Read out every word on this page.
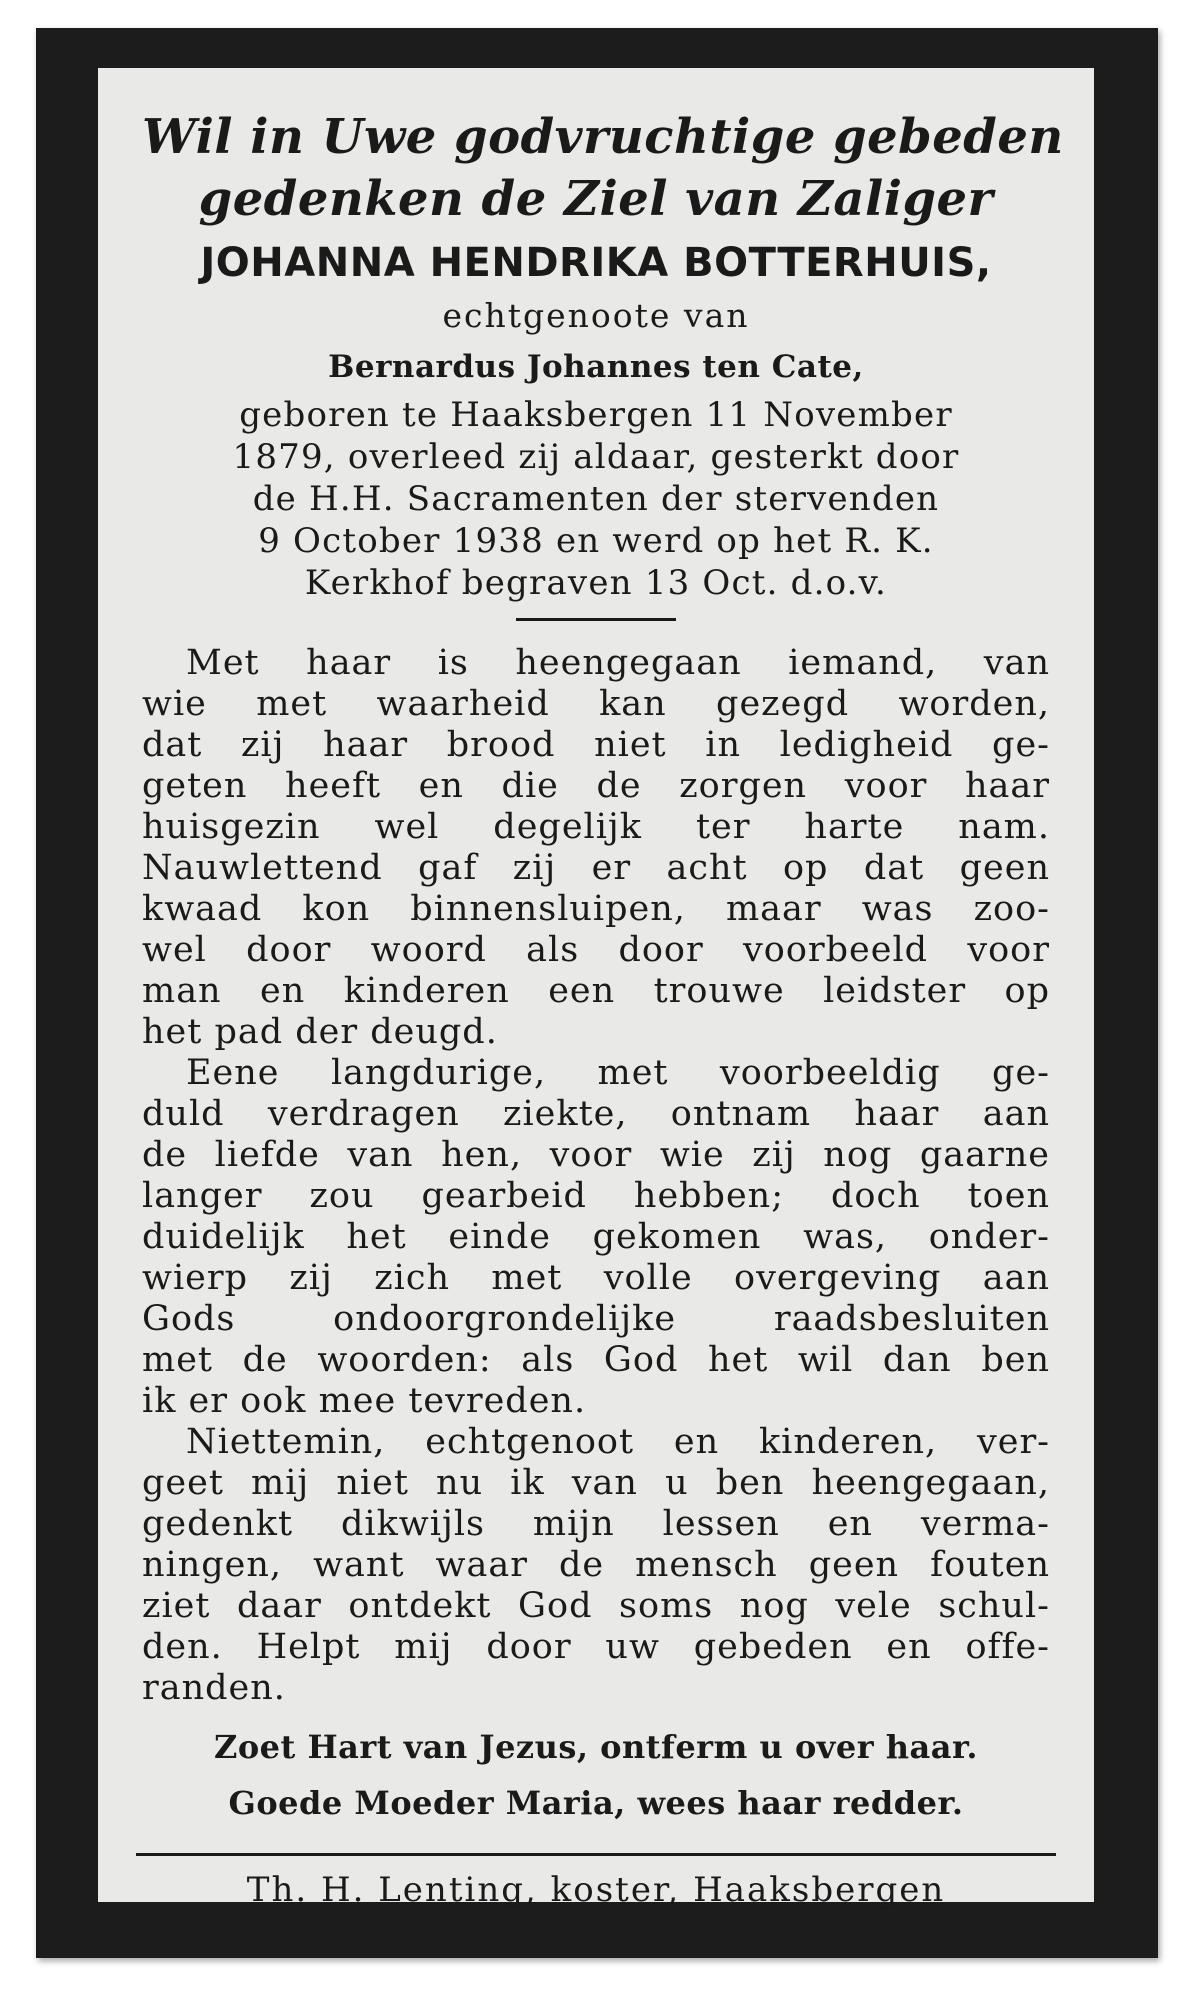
Wil in Uwe godvruchtige gebeden
gedenken de Ziel van Zaliger
JOHANNA HENDRIKA BOTTERHUIS,
echtgenoote van
Bernardus Johannes ten Cate,
geboren te Haaksbergen 11 November
1879, overleed zij aldaar, gesterkt door
de H.H. Sacramenten der stervenden
9 October 1938 en werd op het R. K.
Kerkhof begraven 13 Oct. d.o.v.
Met haar is heengegaan iemand, van
wie met waarheid kan gezegd worden,
dat zij haar brood niet in ledigheid ge-
geten heeft en die de zorgen voor haar
huisgezin wel degelijk ter harte nam.
Nauwlettend gaf zij er acht op dat geen
kwaad kon binnensluipen, maar was zoo-
wel door woord als door voorbeeld voor
man en kinderen een trouwe leidster op
het pad der deugd.
Eene langdurige, met voorbeeldig ge-
duld verdragen ziekte, ontnam haar aan
de liefde van hen, voor wie zij nog gaarne
langer zou gearbeid hebben; doch toen
duidelijk het einde gekomen was, onder-
wierp zij zich met volle overgeving aan
Gods ondoorgrondelijke raadsbesluiten
met de woorden: als God het wil dan ben
ik er ook mee tevreden.
Niettemin, echtgenoot en kinderen, ver-
geet mij niet nu ik van u ben heengegaan,
gedenkt dikwijls mijn lessen en verma-
ningen, want waar de mensch geen fouten
ziet daar ontdekt God soms nog vele schul-
den. Helpt mij door uw gebeden en offe-
randen.
Zoet Hart van Jezus, ontferm u over haar.
Goede Moeder Maria, wees haar redder.
Th. H. Lenting, koster, Haaksbergen
